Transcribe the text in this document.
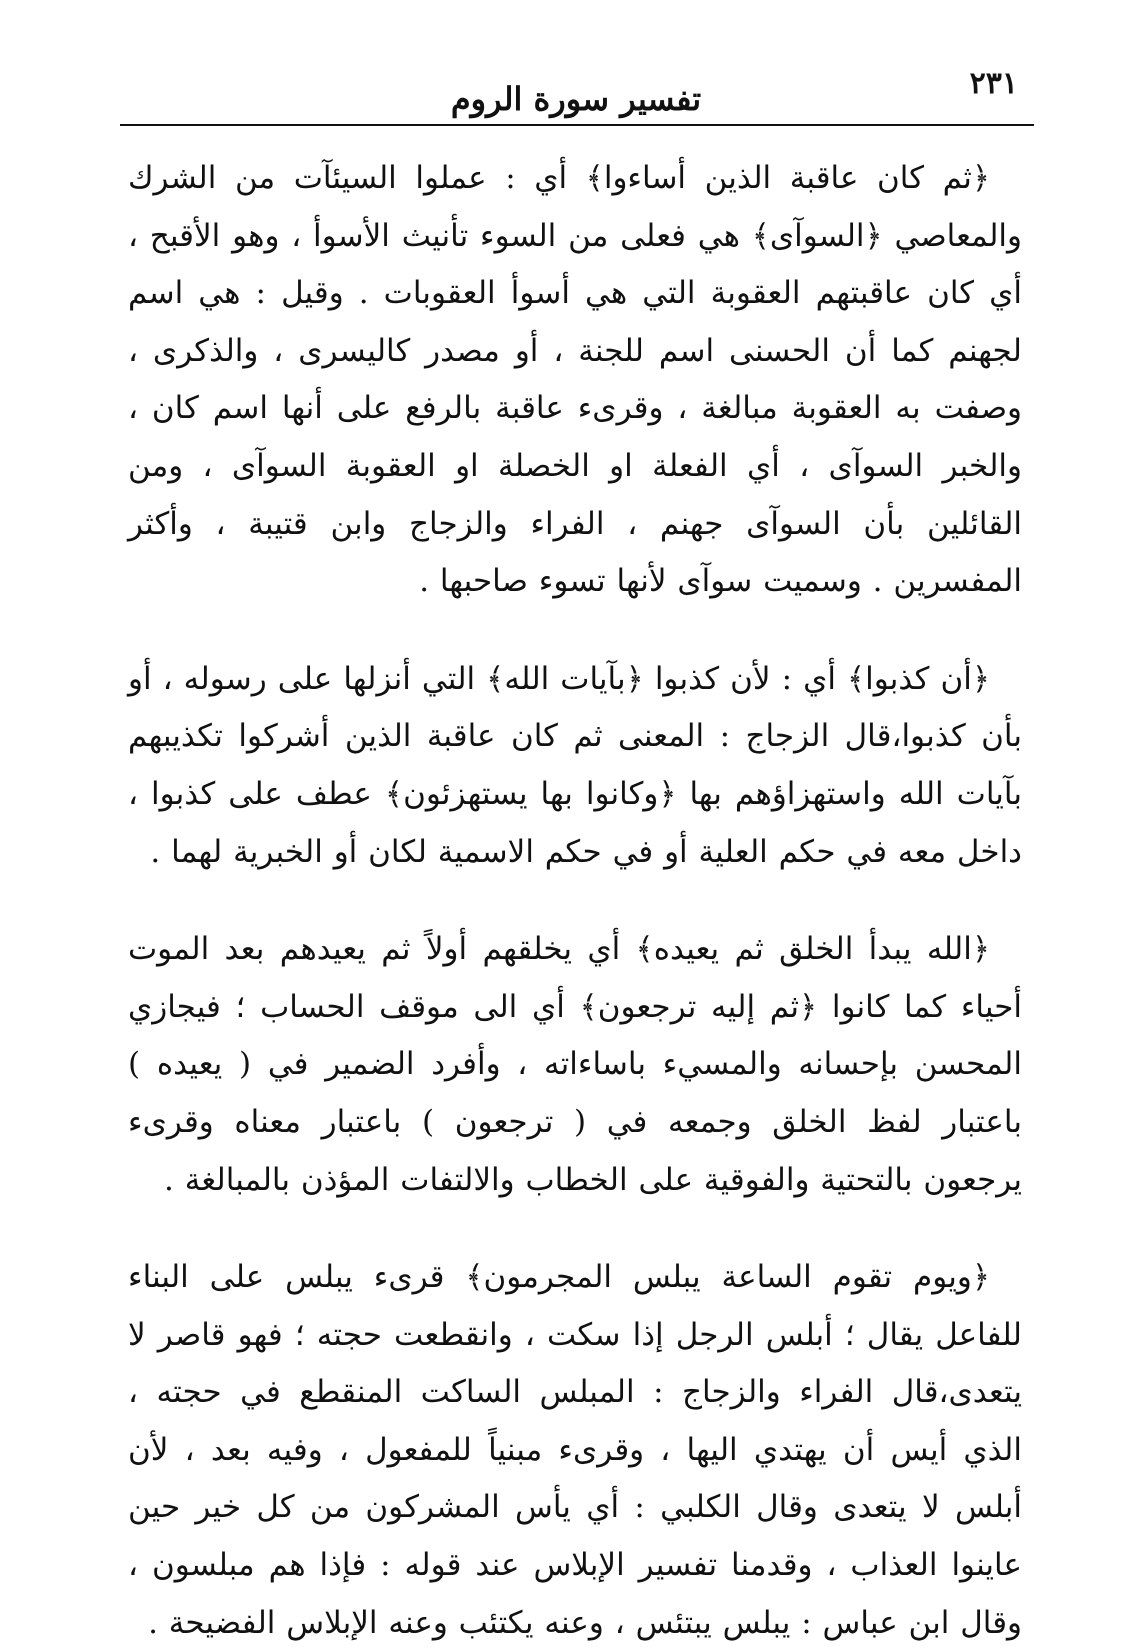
٢٣١
تفسير سورة الروم

﴿ثم كان عاقبة الذين أساءوا﴾ أي : عملوا السيئآت من الشرك والمعاصي ﴿السوآى﴾ هي فعلى من السوء تأنيث الأسوأ ، وهو الأقبح ، أي كان عاقبتهم العقوبة التي هي أسوأ العقوبات . وقيل : هي اسم لجهنم كما أن الحسنى اسم للجنة ، أو مصدر كاليسرى ، والذكرى ، وصفت به العقوبة مبالغة ، وقرىء عاقبة بالرفع على أنها اسم كان ، والخبر السوآى ، أي الفعلة او الخصلة او العقوبة السوآى ، ومن القائلين بأن السوآى جهنم ، الفراء والزجاج وابن قتيبة ، وأكثر المفسرين . وسميت سوآى لأنها تسوء صاحبها .

﴿أن كذبوا﴾ أي : لأن كذبوا ﴿بآيات الله﴾ التي أنزلها على رسوله ، أو بأن كذبوا،قال الزجاج : المعنى ثم كان عاقبة الذين أشركوا تكذيبهم بآيات الله واستهزاؤهم بها ﴿وكانوا بها يستهزئون﴾ عطف على كذبوا ، داخل معه في حكم العلية أو في حكم الاسمية لكان أو الخبرية لهما .

﴿الله يبدأ الخلق ثم يعيده﴾ أي يخلقهم أولاً ثم يعيدهم بعد الموت أحياء كما كانوا ﴿ثم إليه ترجعون﴾ أي الى موقف الحساب ؛ فيجازي المحسن بإحسانه والمسيء باساءاته ، وأفرد الضمير في ( يعيده ) باعتبار لفظ الخلق وجمعه في ( ترجعون ) باعتبار معناه وقرىء يرجعون بالتحتية والفوقية على الخطاب والالتفات المؤذن بالمبالغة .

﴿ويوم تقوم الساعة يبلس المجرمون﴾ قرىء يبلس على البناء للفاعل يقال ؛ أبلس الرجل إذا سكت ، وانقطعت حجته ؛ فهو قاصر لا يتعدى،قال الفراء والزجاج : المبلس الساكت المنقطع في حجته ، الذي أيس أن يهتدي اليها ، وقرىء مبنياً للمفعول ، وفيه بعد ، لأن أبلس لا يتعدى وقال الكلبي : أي يأس المشركون من كل خير حين عاينوا العذاب ، وقدمنا تفسير الإبلاس عند قوله : فإذا هم مبلسون ، وقال ابن عباس : يبلس يبتئس ، وعنه يكتئب وعنه الإبلاس الفضيحة .
